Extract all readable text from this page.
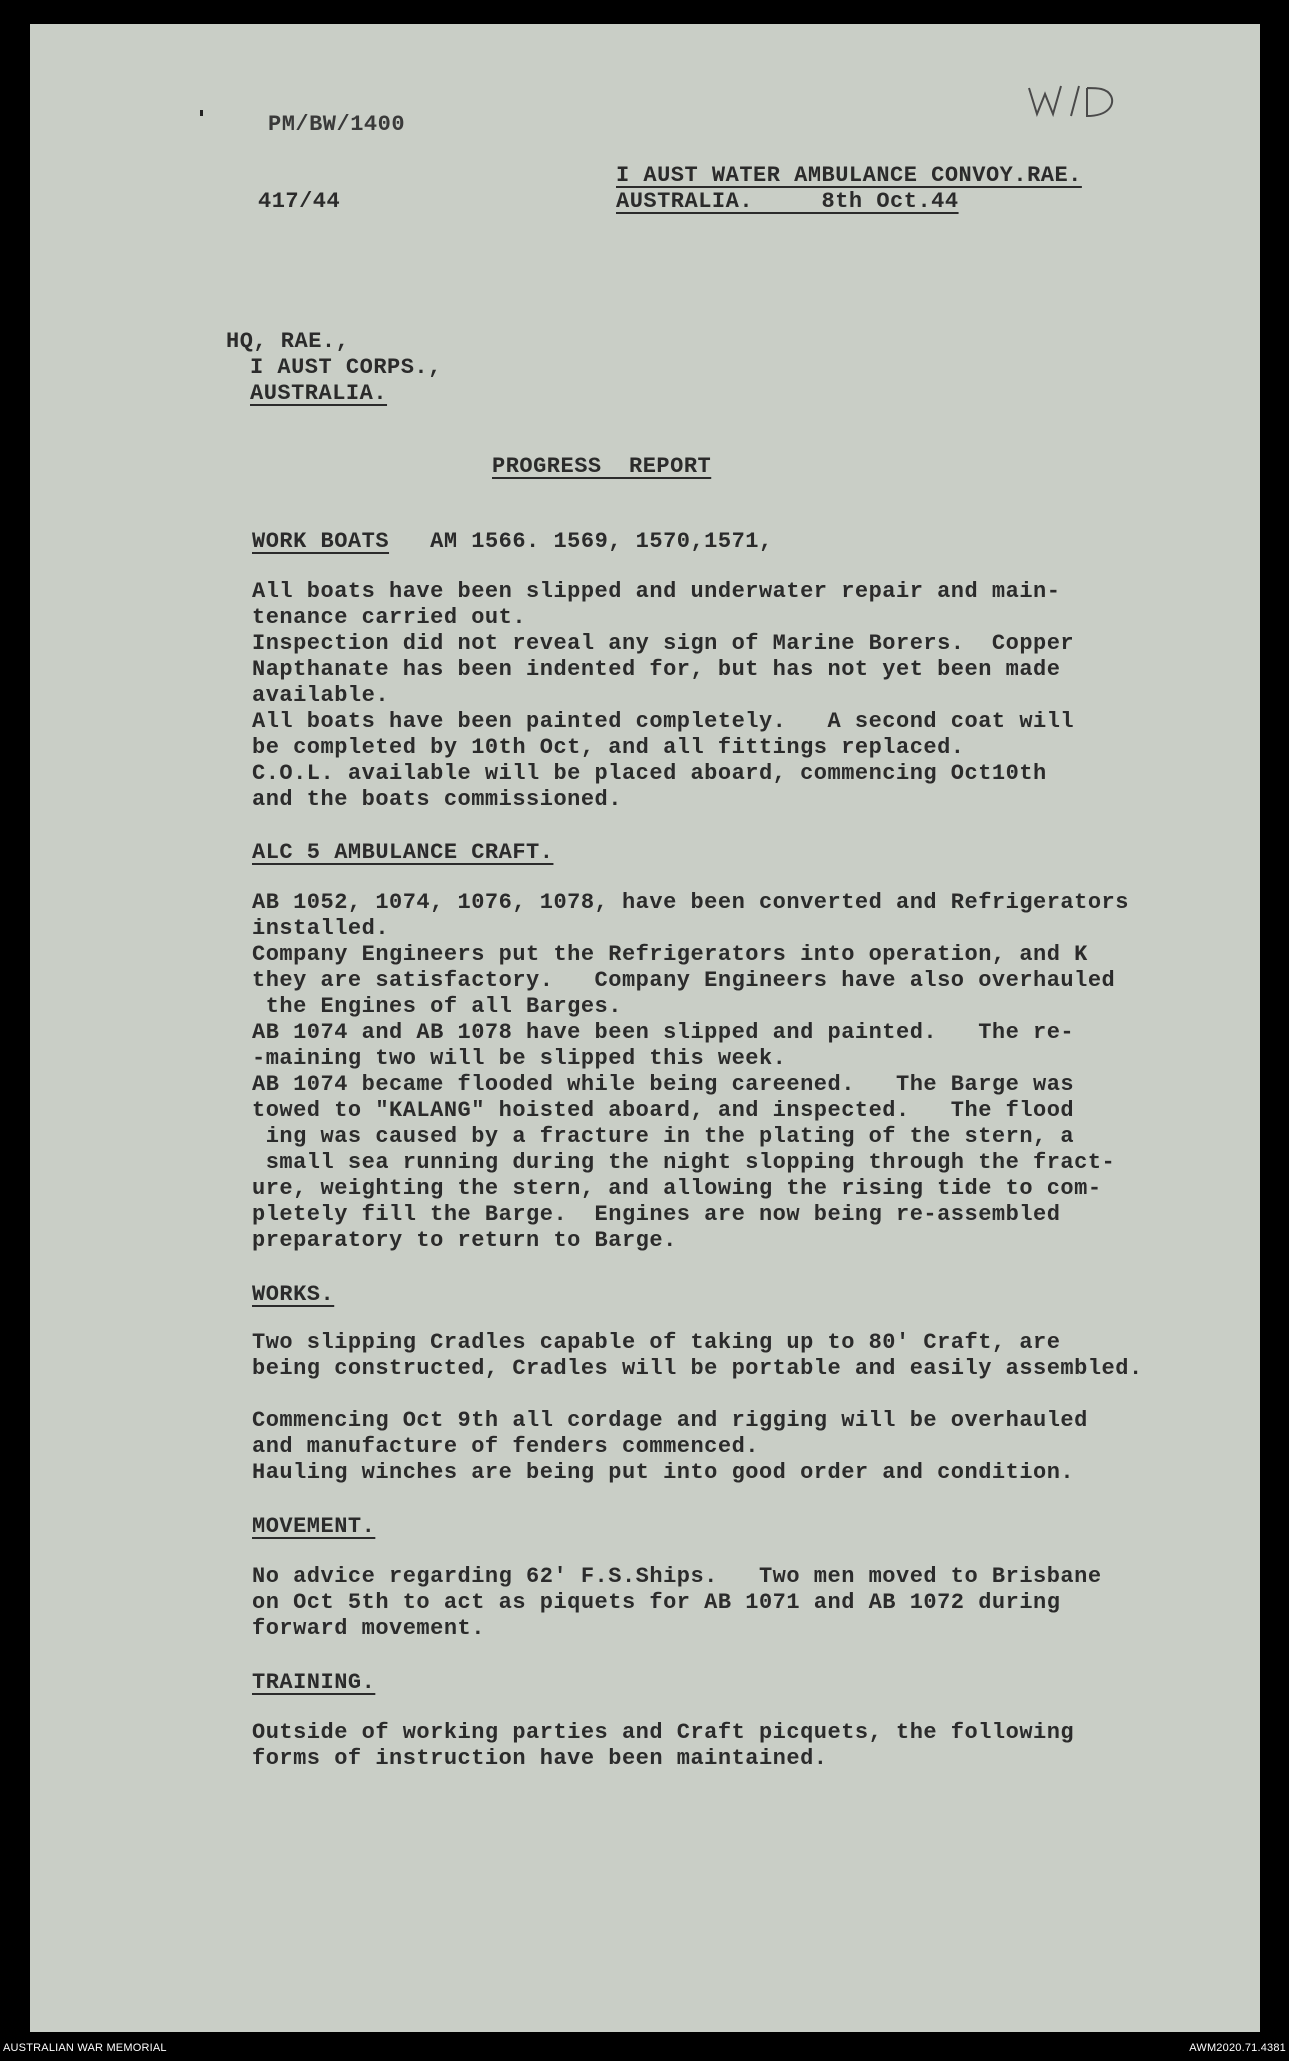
PM/BW/1400
417/44
I AUST WATER AMBULANCE CONVOY.RAE.
AUSTRALIA.     8th Oct.44
HQ, RAE.,
I AUST CORPS.,
AUSTRALIA.
PROGRESS  REPORT
WORK BOATS   AM 1566. 1569, 1570,1571,
All boats have been slipped and underwater repair and main-
tenance carried out.
Inspection did not reveal any sign of Marine Borers.  Copper
Napthanate has been indented for, but has not yet been made
available.
All boats have been painted completely.   A second coat will
be completed by 10th Oct, and all fittings replaced.
C.O.L. available will be placed aboard, commencing Oct10th
and the boats commissioned.
ALC 5 AMBULANCE CRAFT.
AB 1052, 1074, 1076, 1078, have been converted and Refrigerators
installed.
Company Engineers put the Refrigerators into operation, and K
they are satisfactory.   Company Engineers have also overhauled
the Engines of all Barges.
AB 1074 and AB 1078 have been slipped and painted.   The re-
-maining two will be slipped this week.
AB 1074 became flooded while being careened.   The Barge was
towed to "KALANG" hoisted aboard, and inspected.   The flood
ing was caused by a fracture in the plating of the stern, a
small sea running during the night slopping through the fract-
ure, weighting the stern, and allowing the rising tide to com-
pletely fill the Barge.  Engines are now being re-assembled
preparatory to return to Barge.
WORKS.
Two slipping Cradles capable of taking up to 80' Craft, are
being constructed, Cradles will be portable and easily assembled.
Commencing Oct 9th all cordage and rigging will be overhauled
and manufacture of fenders commenced.
Hauling winches are being put into good order and condition.
MOVEMENT.
No advice regarding 62' F.S.Ships.   Two men moved to Brisbane
on Oct 5th to act as piquets for AB 1071 and AB 1072 during
forward movement.
TRAINING.
Outside of working parties and Craft picquets, the following
forms of instruction have been maintained.
AUSTRALIAN WAR MEMORIAL	AWM2020.71.4381
